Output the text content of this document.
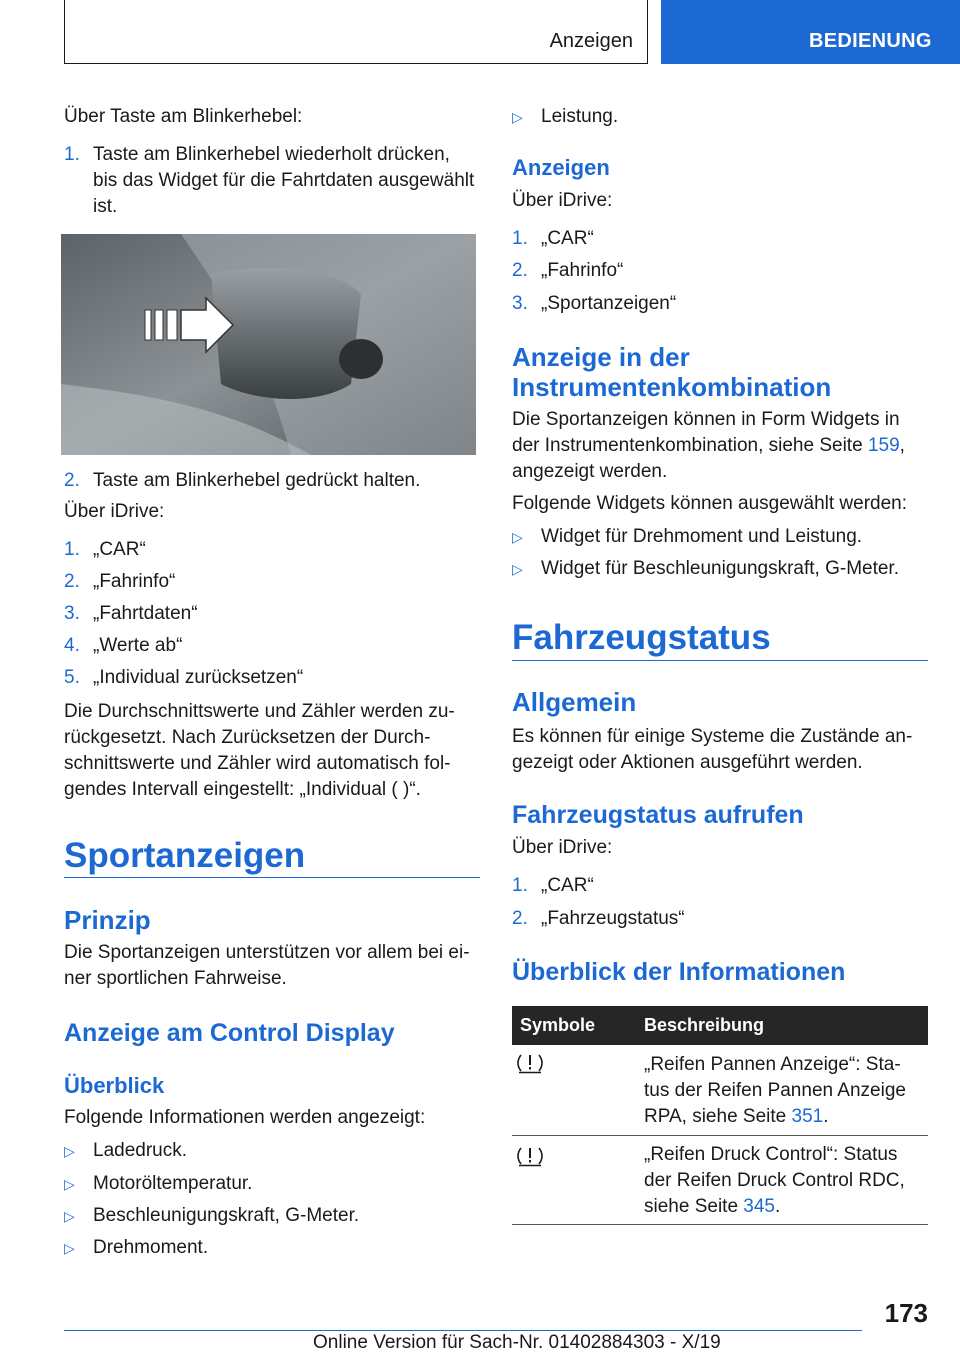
Anzeigen	BEDIENUNG
Über Taste am Blinkerhebel:
1. Taste am Blinkerhebel wiederholt drücken,
bis das Widget für die Fahrtdaten ausgewählt
ist.
2. Taste am Blinkerhebel gedrückt halten.
Über iDrive:
1. „CAR“
2. „Fahrinfo“
3. „Fahrtdaten“
4. „Werte ab“
5. „Individual zurücksetzen“
Die Durchschnittswerte und Zähler werden zu-
rückgesetzt. Nach Zurücksetzen der Durch-
schnittswerte und Zähler wird automatisch fol-
gendes Intervall eingestellt: „Individual ( )“.
Sportanzeigen
Prinzip
Die Sportanzeigen unterstützen vor allem bei ei-
ner sportlichen Fahrweise.
Anzeige am Control Display
Überblick
Folgende Informationen werden angezeigt:
▷ Ladedruck.
▷ Motoröltemperatur.
▷ Beschleunigungskraft, G-Meter.
▷ Drehmoment.
▷ Leistung.
Anzeigen
Über iDrive:
1. „CAR“
2. „Fahrinfo“
3. „Sportanzeigen“
Anzeige in der
Instrumentenkombination
Die Sportanzeigen können in Form Widgets in
der Instrumentenkombination, siehe Seite 159,
angezeigt werden.
Folgende Widgets können ausgewählt werden:
▷ Widget für Drehmoment und Leistung.
▷ Widget für Beschleunigungskraft, G-Meter.
Fahrzeugstatus
Allgemein
Es können für einige Systeme die Zustände an-
gezeigt oder Aktionen ausgeführt werden.
Fahrzeugstatus aufrufen
Über iDrive:
1. „CAR“
2. „Fahrzeugstatus“
Überblick der Informationen
Symbole	Beschreibung
„Reifen Pannen Anzeige“: Sta-
tus der Reifen Pannen Anzeige
RPA, siehe Seite 351.
„Reifen Druck Control“: Status
der Reifen Druck Control RDC,
siehe Seite 345.
173
Online Version für Sach-Nr. 01402884303 - X/19
